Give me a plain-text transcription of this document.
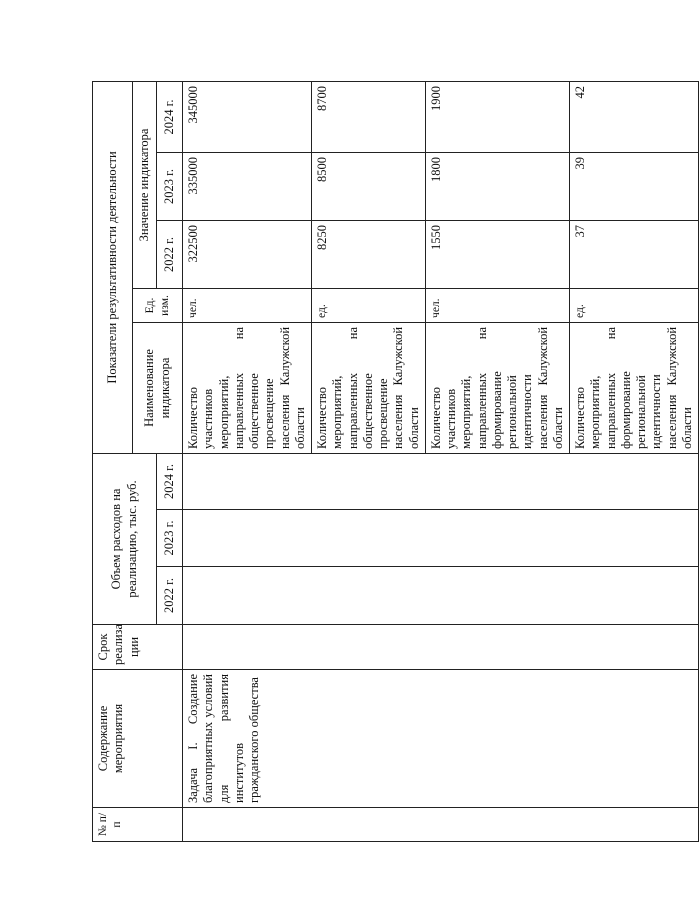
№ п/п	Содержание мероприятия	Срок реализа ции	Объем расходов на реализацию, тыс. руб.			Показатели результативности деятельности				
						Наименование индикатора	Ед. изм.	Значение индикатора		
			2022 г.	2023 г.	2024 г.			2022 г.	2023 г.	2024 г.
	Задача I. Создание благоприятных условий для развития институтов гражданского общества					Количество участников мероприятий, направленных на общественное просвещение населения Калужской области	чел.	322500	335000	345000
						Количество мероприятий, направленных на общественное просвещение населения Калужской области	ед.	8250	8500	8700
						Количество участников мероприятий, направленных на формирование региональной идентичности населения Калужской области	чел.	1550	1800	1900
						Количество мероприятий, направленных на формирование региональной идентичности населения Калужской области	ед.	37	39	42
